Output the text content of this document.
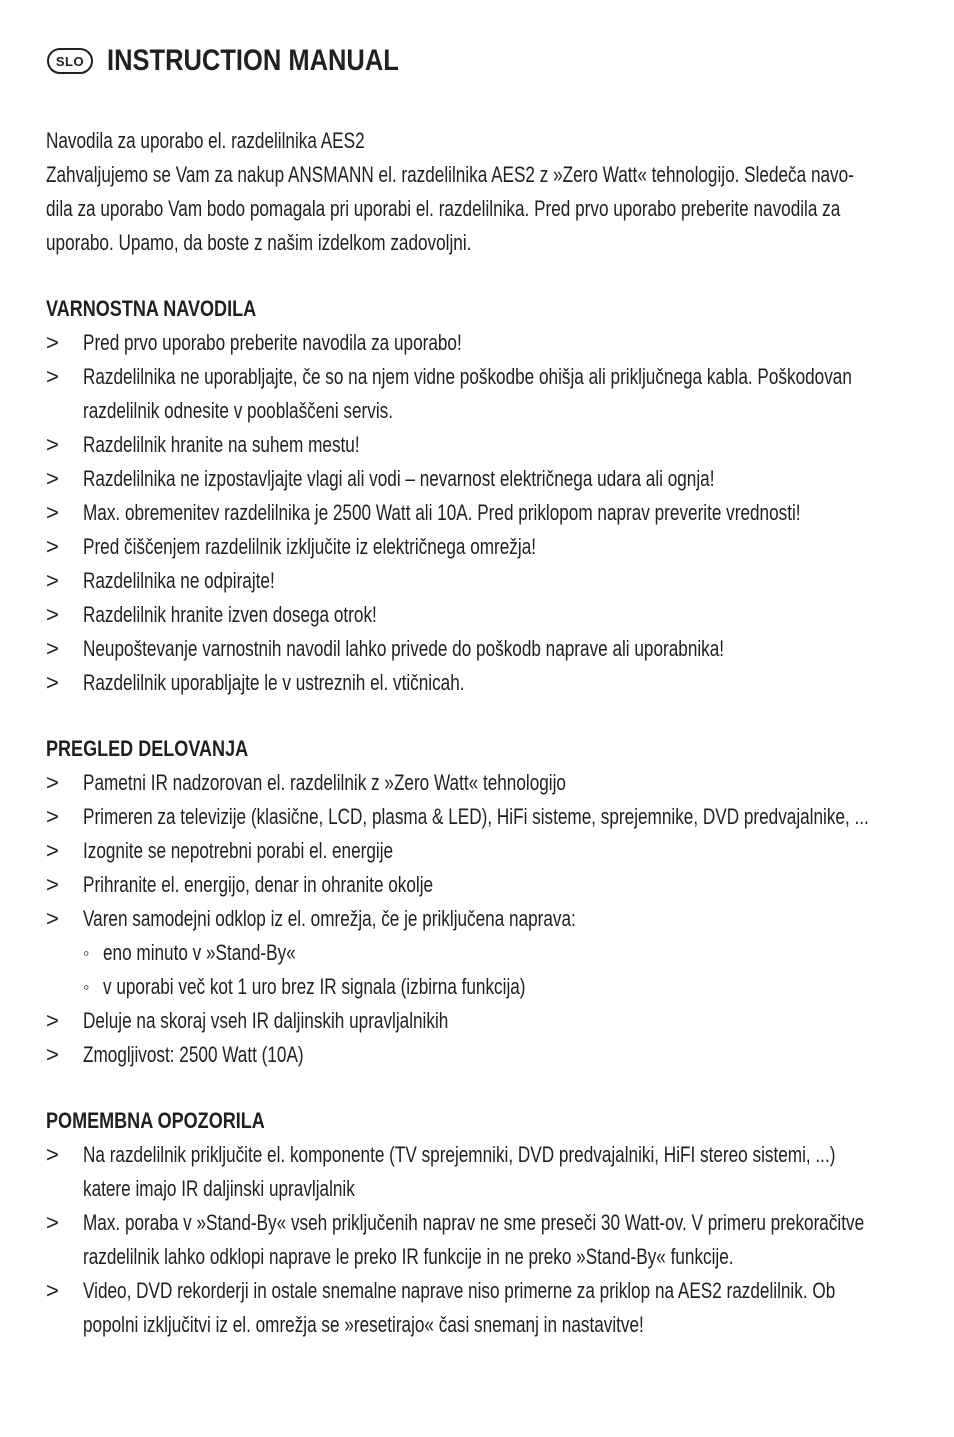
SLO INSTRUCTION MANUAL
Navodila za uporabo el. razdelilnika AES2
Zahvaljujemo se Vam za nakup ANSMANN el. razdelilnika AES2 z »Zero Watt« tehnologijo. Sledeča navo-
dila za uporabo Vam bodo pomagala pri uporabi el. razdelilnika. Pred prvo uporabo preberite navodila za
uporabo. Upamo, da boste z našim izdelkom zadovoljni.
VARNOSTNA NAVODILA
> Pred prvo uporabo preberite navodila za uporabo!
> Razdelilnika ne uporabljajte, če so na njem vidne poškodbe ohišja ali priključnega kabla. Poškodovan
razdelilnik odnesite v pooblaščeni servis.
> Razdelilnik hranite na suhem mestu!
> Razdelilnika ne izpostavljajte vlagi ali vodi – nevarnost električnega udara ali ognja!
> Max. obremenitev razdelilnika je 2500 Watt ali 10A. Pred priklopom naprav preverite vrednosti!
> Pred čiščenjem razdelilnik izključite iz električnega omrežja!
> Razdelilnika ne odpirajte!
> Razdelilnik hranite izven dosega otrok!
> Neupoštevanje varnostnih navodil lahko privede do poškodb naprave ali uporabnika!
> Razdelilnik uporabljajte le v ustreznih el. vtičnicah.
PREGLED DELOVANJA
> Pametni IR nadzorovan el. razdelilnik z »Zero Watt« tehnologijo
> Primeren za televizije (klasične, LCD, plasma & LED), HiFi sisteme, sprejemnike, DVD predvajalnike, ...
> Izognite se nepotrebni porabi el. energije
> Prihranite el. energijo, denar in ohranite okolje
> Varen samodejni odklop iz el. omrežja, če je priključena naprava:
◦ eno minuto v »Stand-By«
◦ v uporabi več kot 1 uro brez IR signala (izbirna funkcija)
> Deluje na skoraj vseh IR daljinskih upravljalnikih
> Zmogljivost: 2500 Watt (10A)
POMEMBNA OPOZORILA
> Na razdelilnik priključite el. komponente (TV sprejemniki, DVD predvajalniki, HiFI stereo sistemi, ...)
katere imajo IR daljinski upravljalnik
> Max. poraba v »Stand-By« vseh priključenih naprav ne sme preseči 30 Watt-ov. V primeru prekoračitve
razdelilnik lahko odklopi naprave le preko IR funkcije in ne preko »Stand-By« funkcije.
> Video, DVD rekorderji in ostale snemalne naprave niso primerne za priklop na AES2 razdelilnik. Ob
popolni izključitvi iz el. omrežja se »resetirajo« časi snemanj in nastavitve!
